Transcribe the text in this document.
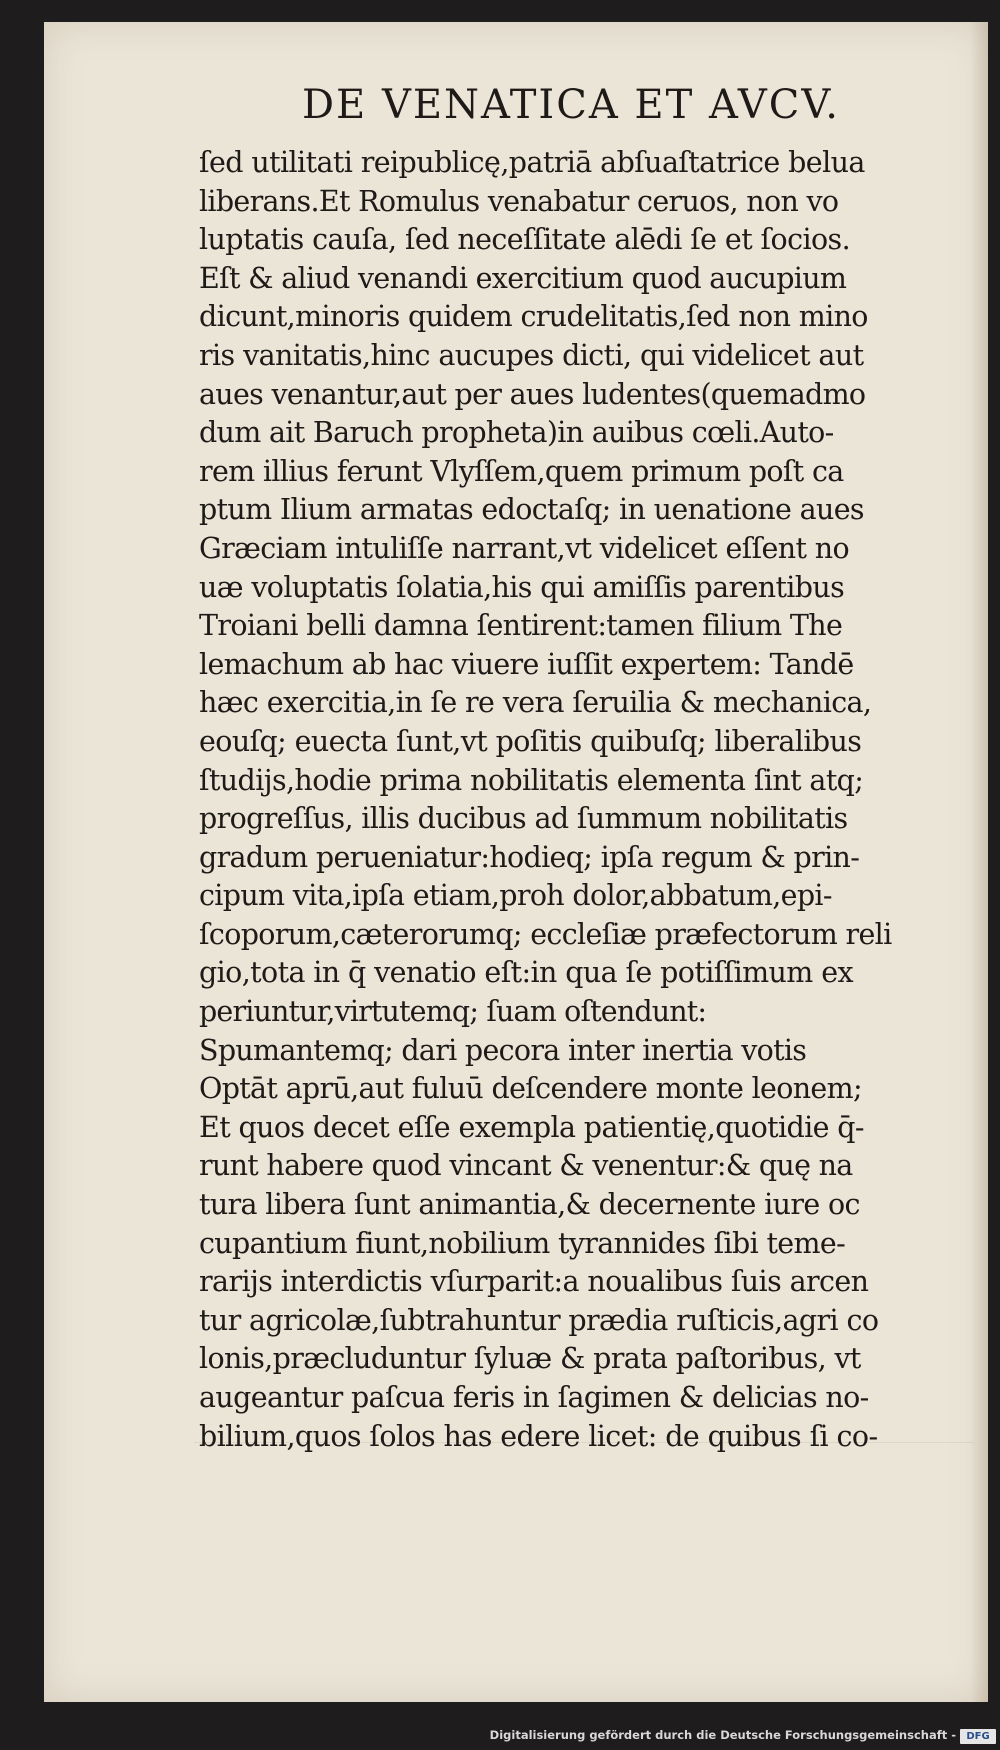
DE VENATICA ET AVCV.
ſed utilitati reipublicę,patriā abſuaſtatrice belua
liberans.Et Romulus venabatur ceruos, non vo
luptatis cauſa, ſed neceſſitate alēdi ſe et ſocios.
Eſt & aliud venandi exercitium quod aucupium
dicunt,minoris quidem crudelitatis,ſed non mino
ris vanitatis,hinc aucupes dicti, qui videlicet aut
aues venantur,aut per aues ludentes(quemadmo
dum ait Baruch propheta)in auibus cœli.Auto-
rem illius ferunt Vlyſſem,quem primum poſt ca
ptum Ilium armatas edoctaſq; in uenatione aues
Græciam intuliſſe narrant,vt videlicet eſſent no
uæ voluptatis ſolatia,his qui amiſſis parentibus
Troiani belli damna ſentirent:tamen filium The
lemachum ab hac viuere iuſſit expertem: Tandē
hæc exercitia,in ſe re vera ſeruilia & mechanica,
eouſq; euecta ſunt,vt poſitis quibuſq; liberalibus
ſtudijs,hodie prima nobilitatis elementa ſint atq;
progreſſus, illis ducibus ad ſummum nobilitatis
gradum perueniatur:hodieq; ipſa regum & prin-
cipum vita,ipſa etiam,proh dolor,abbatum,epi-
ſcoporum,cæterorumq; eccleſiæ præfectorum reli
gio,tota in q̄ venatio eſt:in qua ſe potiſſimum ex
periuntur,virtutemq; ſuam oſtendunt:
Spumantemq; dari pecora inter inertia votis
Optāt aprū,aut fuluū deſcendere monte leonem;
Et quos decet eſſe exempla patientię,quotidie q̄-
runt habere quod vincant & venentur:& quę na
tura libera ſunt animantia,& decernente iure oc
cupantium fiunt,nobilium tyrannides ſibi teme-
rarijs interdictis vſurparit:a noualibus ſuis arcen
tur agricolæ,ſubtrahuntur prædia ruſticis,agri co
lonis,præcluduntur ſyluæ & prata paſtoribus, vt
augeantur paſcua feris in ſagimen & delicias no-
bilium,quos ſolos has edere licet: de quibus ſi co-
Digitalisierung gefördert durch die Deutsche Forschungsgemeinschaft -	DFG
